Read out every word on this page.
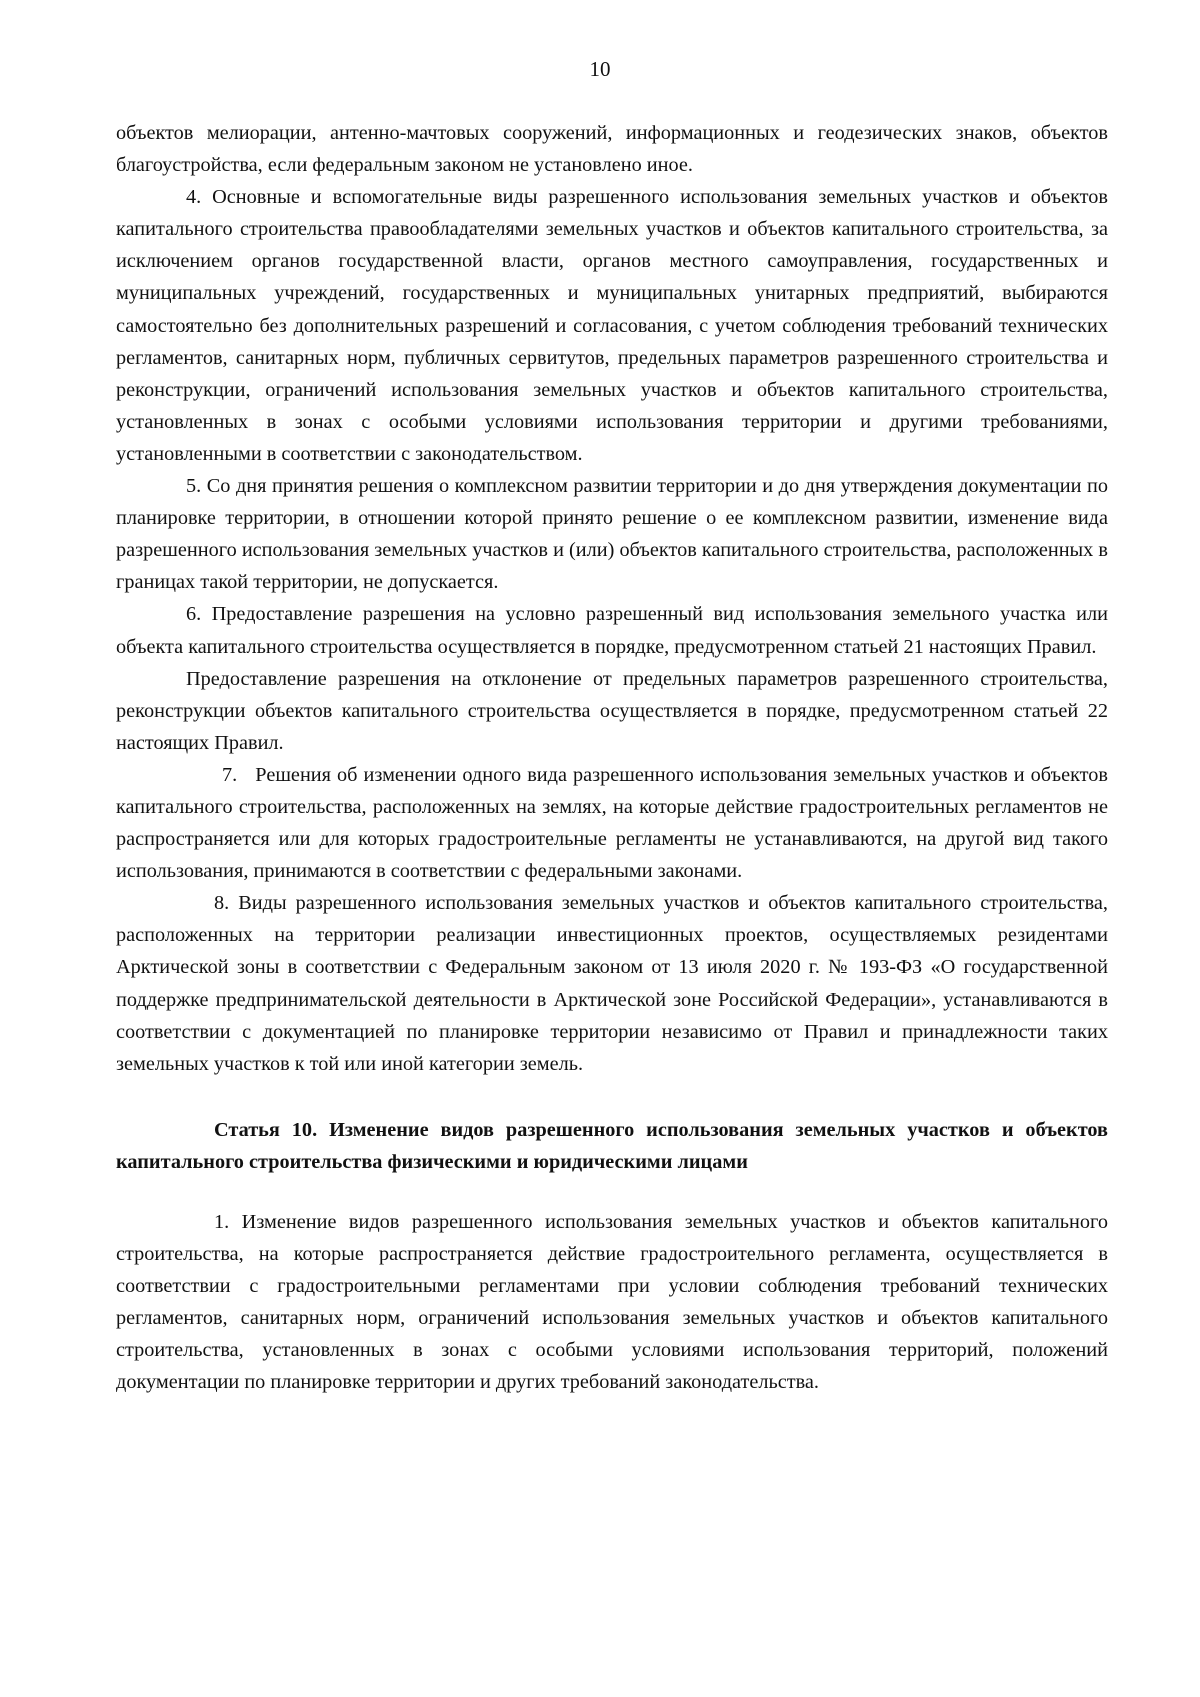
10

объектов мелиорации, антенно-мачтовых сооружений, информационных и геодезических знаков, объектов благоустройства, если федеральным законом не установлено иное.

4. Основные и вспомогательные виды разрешенного использования земельных участков и объектов капитального строительства правообладателями земельных участков и объектов капитального строительства, за исключением органов государственной власти, органов местного самоуправления, государственных и муниципальных учреждений, государственных и муниципальных унитарных предприятий, выбираются самостоятельно без дополнительных разрешений и согласования, с учетом соблюдения требований технических регламентов, санитарных норм, публичных сервитутов, предельных параметров разрешенного строительства и реконструкции, ограничений использования земельных участков и объектов капитального строительства, установленных в зонах с особыми условиями использования территории и другими требованиями, установленными в соответствии с законодательством.

5. Со дня принятия решения о комплексном развитии территории и до дня утверждения документации по планировке территории, в отношении которой принято решение о ее комплексном развитии, изменение вида разрешенного использования земельных участков и (или) объектов капитального строительства, расположенных в границах такой территории, не допускается.

6. Предоставление разрешения на условно разрешенный вид использования земельного участка или объекта капитального строительства осуществляется в порядке, предусмотренном статьей 21 настоящих Правил.

Предоставление разрешения на отклонение от предельных параметров разрешенного строительства, реконструкции объектов капитального строительства осуществляется в порядке, предусмотренном статьей 22 настоящих Правил.

7.   Решения об изменении одного вида разрешенного использования земельных участков и объектов капитального строительства, расположенных на землях, на которые действие градостроительных регламентов не распространяется или для которых градостроительные регламенты не устанавливаются, на другой вид такого использования, принимаются в соответствии с федеральными законами.

8. Виды разрешенного использования земельных участков и объектов капитального строительства, расположенных на территории реализации инвестиционных проектов, осуществляемых резидентами Арктической зоны в соответствии с Федеральным законом от 13 июля 2020 г. № 193-ФЗ «О государственной поддержке предпринимательской деятельности в Арктической зоне Российской Федерации», устанавливаются в соответствии с документацией по планировке территории независимо от Правил и принадлежности таких земельных участков к той или иной категории земель.

Статья 10. Изменение видов разрешенного использования земельных участков и объектов капитального строительства физическими и юридическими лицами

1. Изменение видов разрешенного использования земельных участков и объектов капитального строительства, на которые распространяется действие градостроительного регламента, осуществляется в соответствии с градостроительными регламентами при условии соблюдения требований технических регламентов, санитарных норм, ограничений использования земельных участков и объектов капитального строительства, установленных в зонах с особыми условиями использования территорий, положений документации по планировке территории и других требований законодательства.
